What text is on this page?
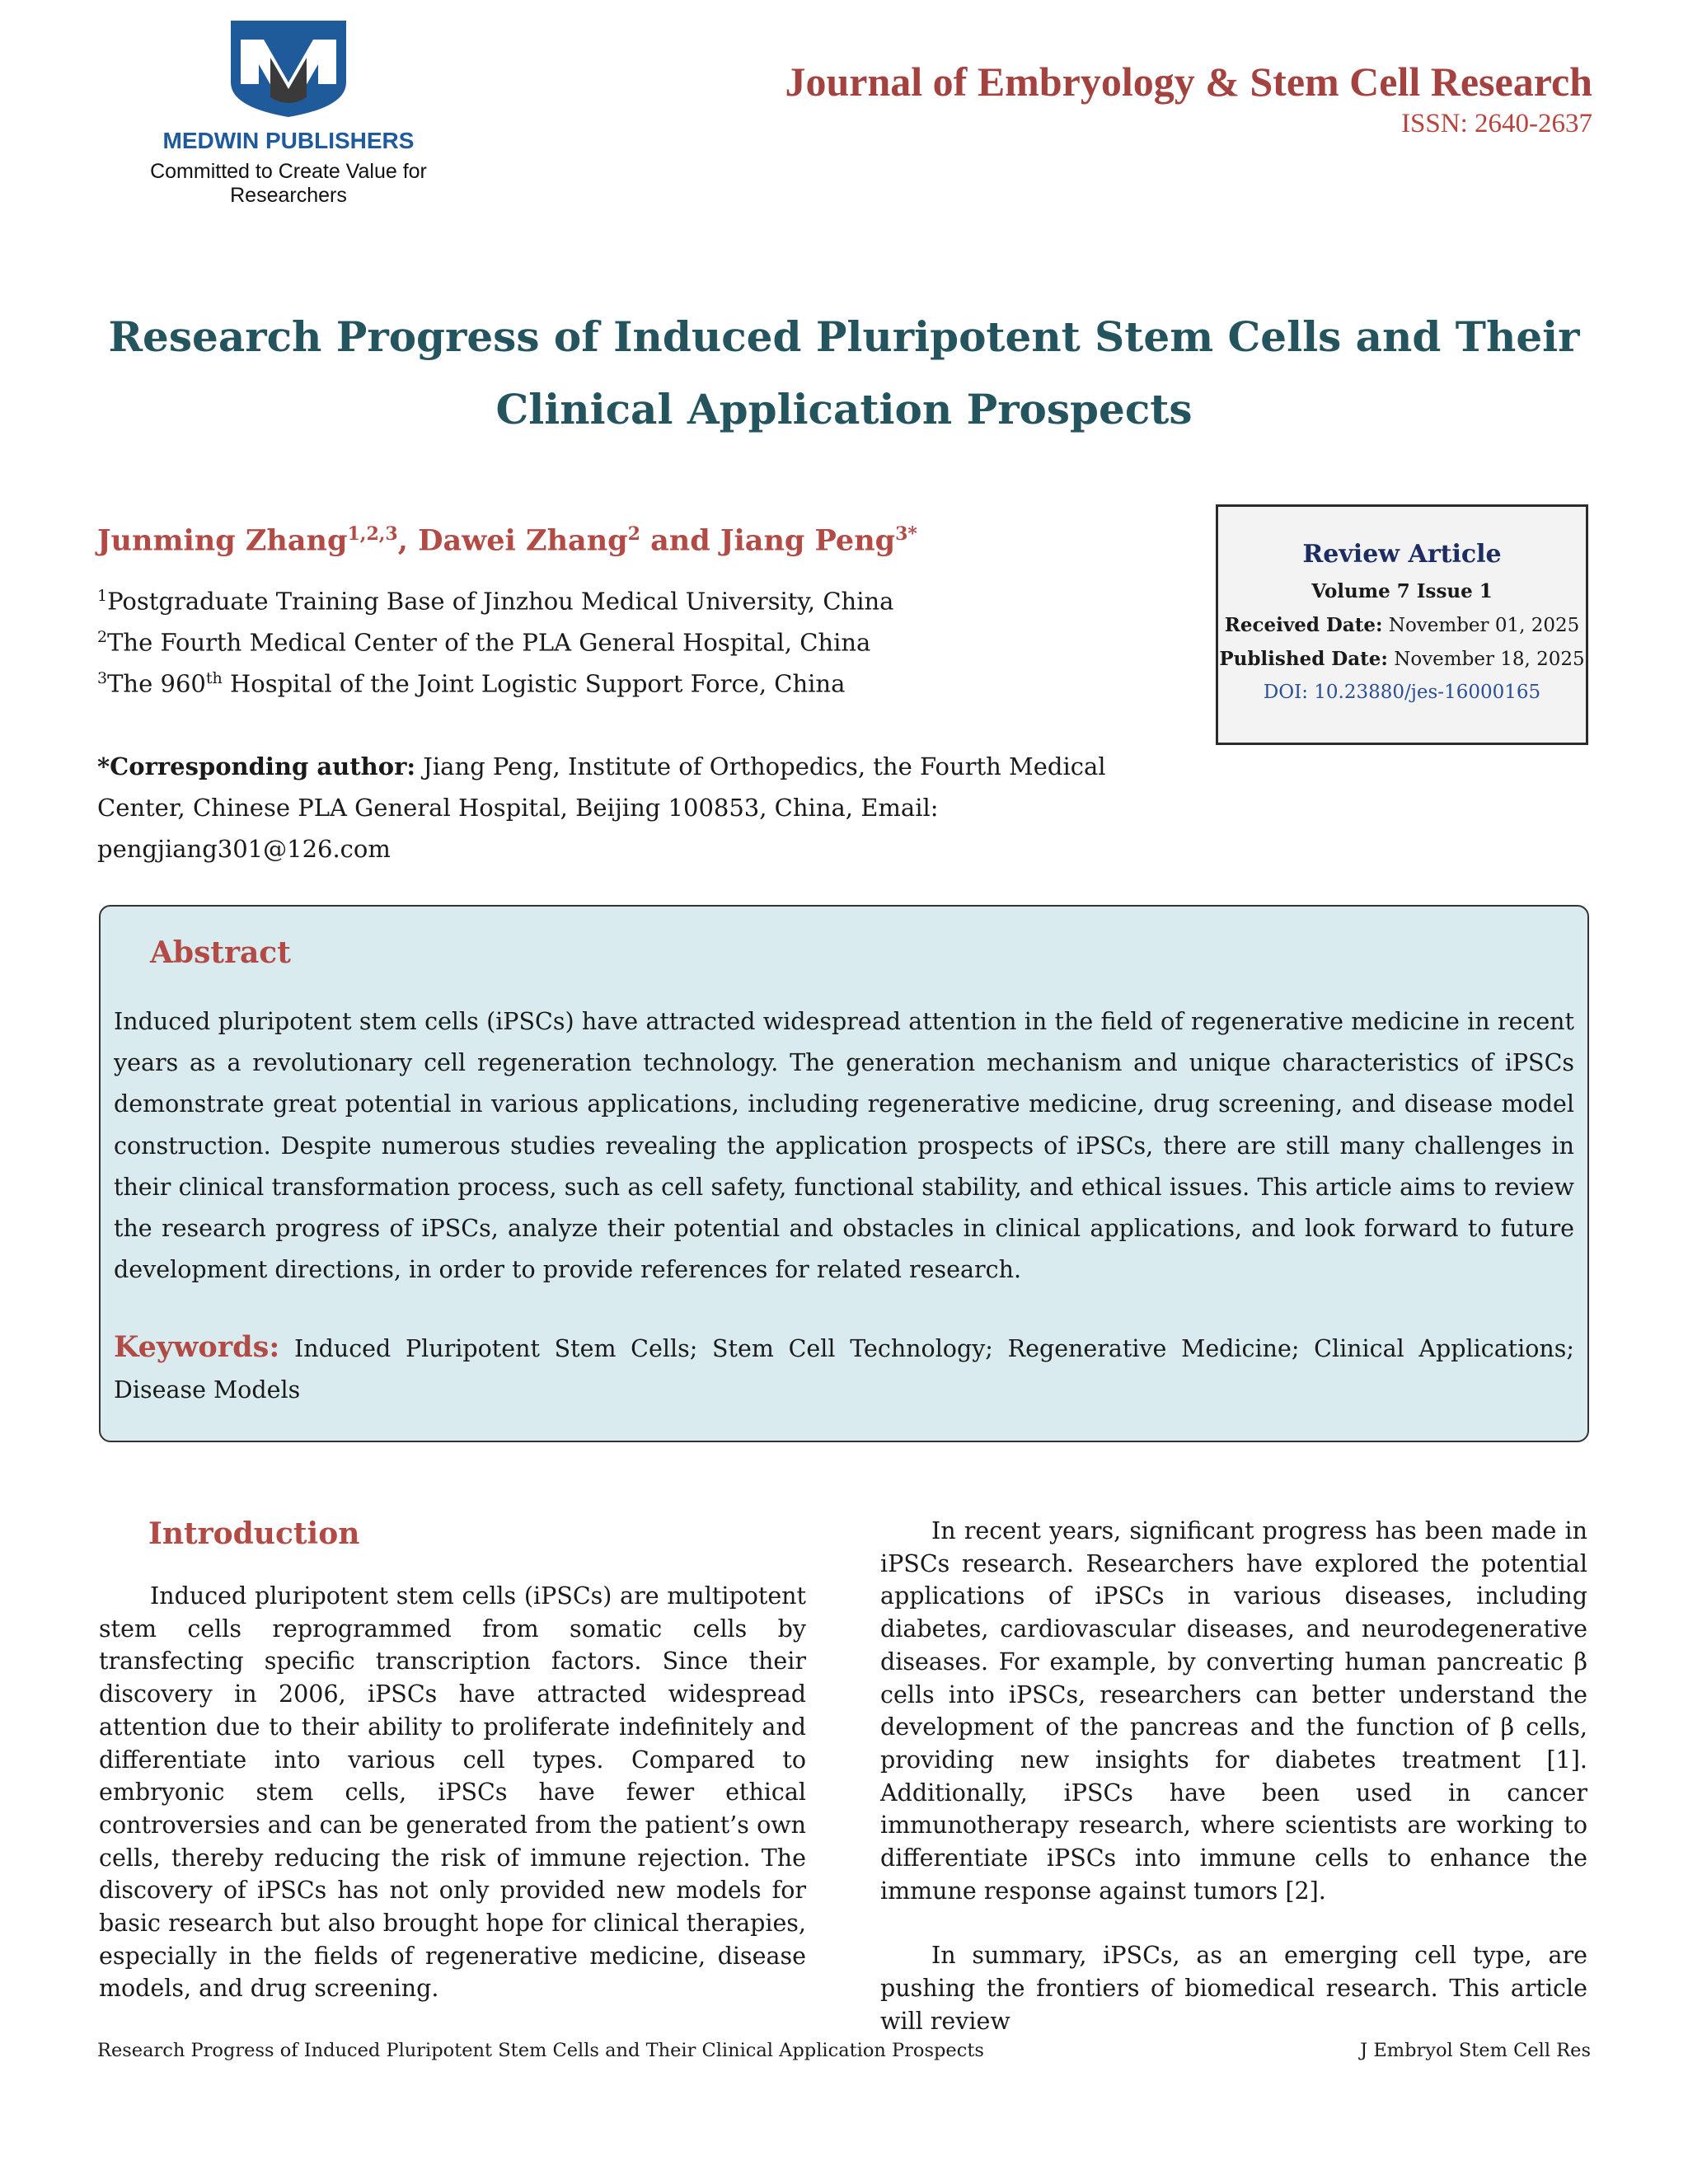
MEDWIN PUBLISHERS
Committed to Create Value for Researchers
Journal of Embryology & Stem Cell Research
ISSN: 2640-2637
Research Progress of Induced Pluripotent Stem Cells and Their Clinical Application Prospects
Junming Zhang$^{1,2,3}$, Dawei Zhang$^2$ and Jiang Peng$^{3*}$
$^1$Postgraduate Training Base of Jinzhou Medical University, China
$^2$The Fourth Medical Center of the PLA General Hospital, China
$^3$The 960th Hospital of the Joint Logistic Support Force, China
*Corresponding author: Jiang Peng, Institute of Orthopedics, the Fourth Medical Center, Chinese PLA General Hospital, Beijing 100853, China, Email: pengjiang301@126.com
Review Article
Volume 7 Issue 1
Received Date: November 01, 2025
Published Date: November 18, 2025
DOI: 10.23880/jes-16000165
Abstract
Induced pluripotent stem cells (iPSCs) have attracted widespread attention in the field of regenerative medicine in recent years as a revolutionary cell regeneration technology. The generation mechanism and unique characteristics of iPSCs demonstrate great potential in various applications, including regenerative medicine, drug screening, and disease model construction. Despite numerous studies revealing the application prospects of iPSCs, there are still many challenges in their clinical transformation process, such as cell safety, functional stability, and ethical issues. This article aims to review the research progress of iPSCs, analyze their potential and obstacles in clinical applications, and look forward to future development directions, in order to provide references for related research.
Keywords: Induced Pluripotent Stem Cells; Stem Cell Technology; Regenerative Medicine; Clinical Applications; Disease Models
Introduction

Induced pluripotent stem cells (iPSCs) are multipotent stem cells reprogrammed from somatic cells by transfecting specific transcription factors. Since their discovery in 2006, iPSCs have attracted widespread attention due to their ability to proliferate indefinitely and differentiate into various cell types. Compared to embryonic stem cells, iPSCs have fewer ethical controversies and can be generated from the patient’s own cells, thereby reducing the risk of immune rejection. The discovery of iPSCs has not only provided new models for basic research but also brought hope for clinical therapies, especially in the fields of regenerative medicine, disease models, and drug screening.

In recent years, significant progress has been made in iPSCs research. Researchers have explored the potential applications of iPSCs in various diseases, including diabetes, cardiovascular diseases, and neurodegenerative diseases. For example, by converting human pancreatic β cells into iPSCs, researchers can better understand the development of the pancreas and the function of β cells, providing new insights for diabetes treatment [1]. Additionally, iPSCs have been used in cancer immunotherapy research, where scientists are working to differentiate iPSCs into immune cells to enhance the immune response against tumors [2].

In summary, iPSCs, as an emerging cell type, are pushing the frontiers of biomedical research. This article will review

Research Progress of Induced Pluripotent Stem Cells and Their Clinical Application Prospects	J Embryol Stem Cell Res
